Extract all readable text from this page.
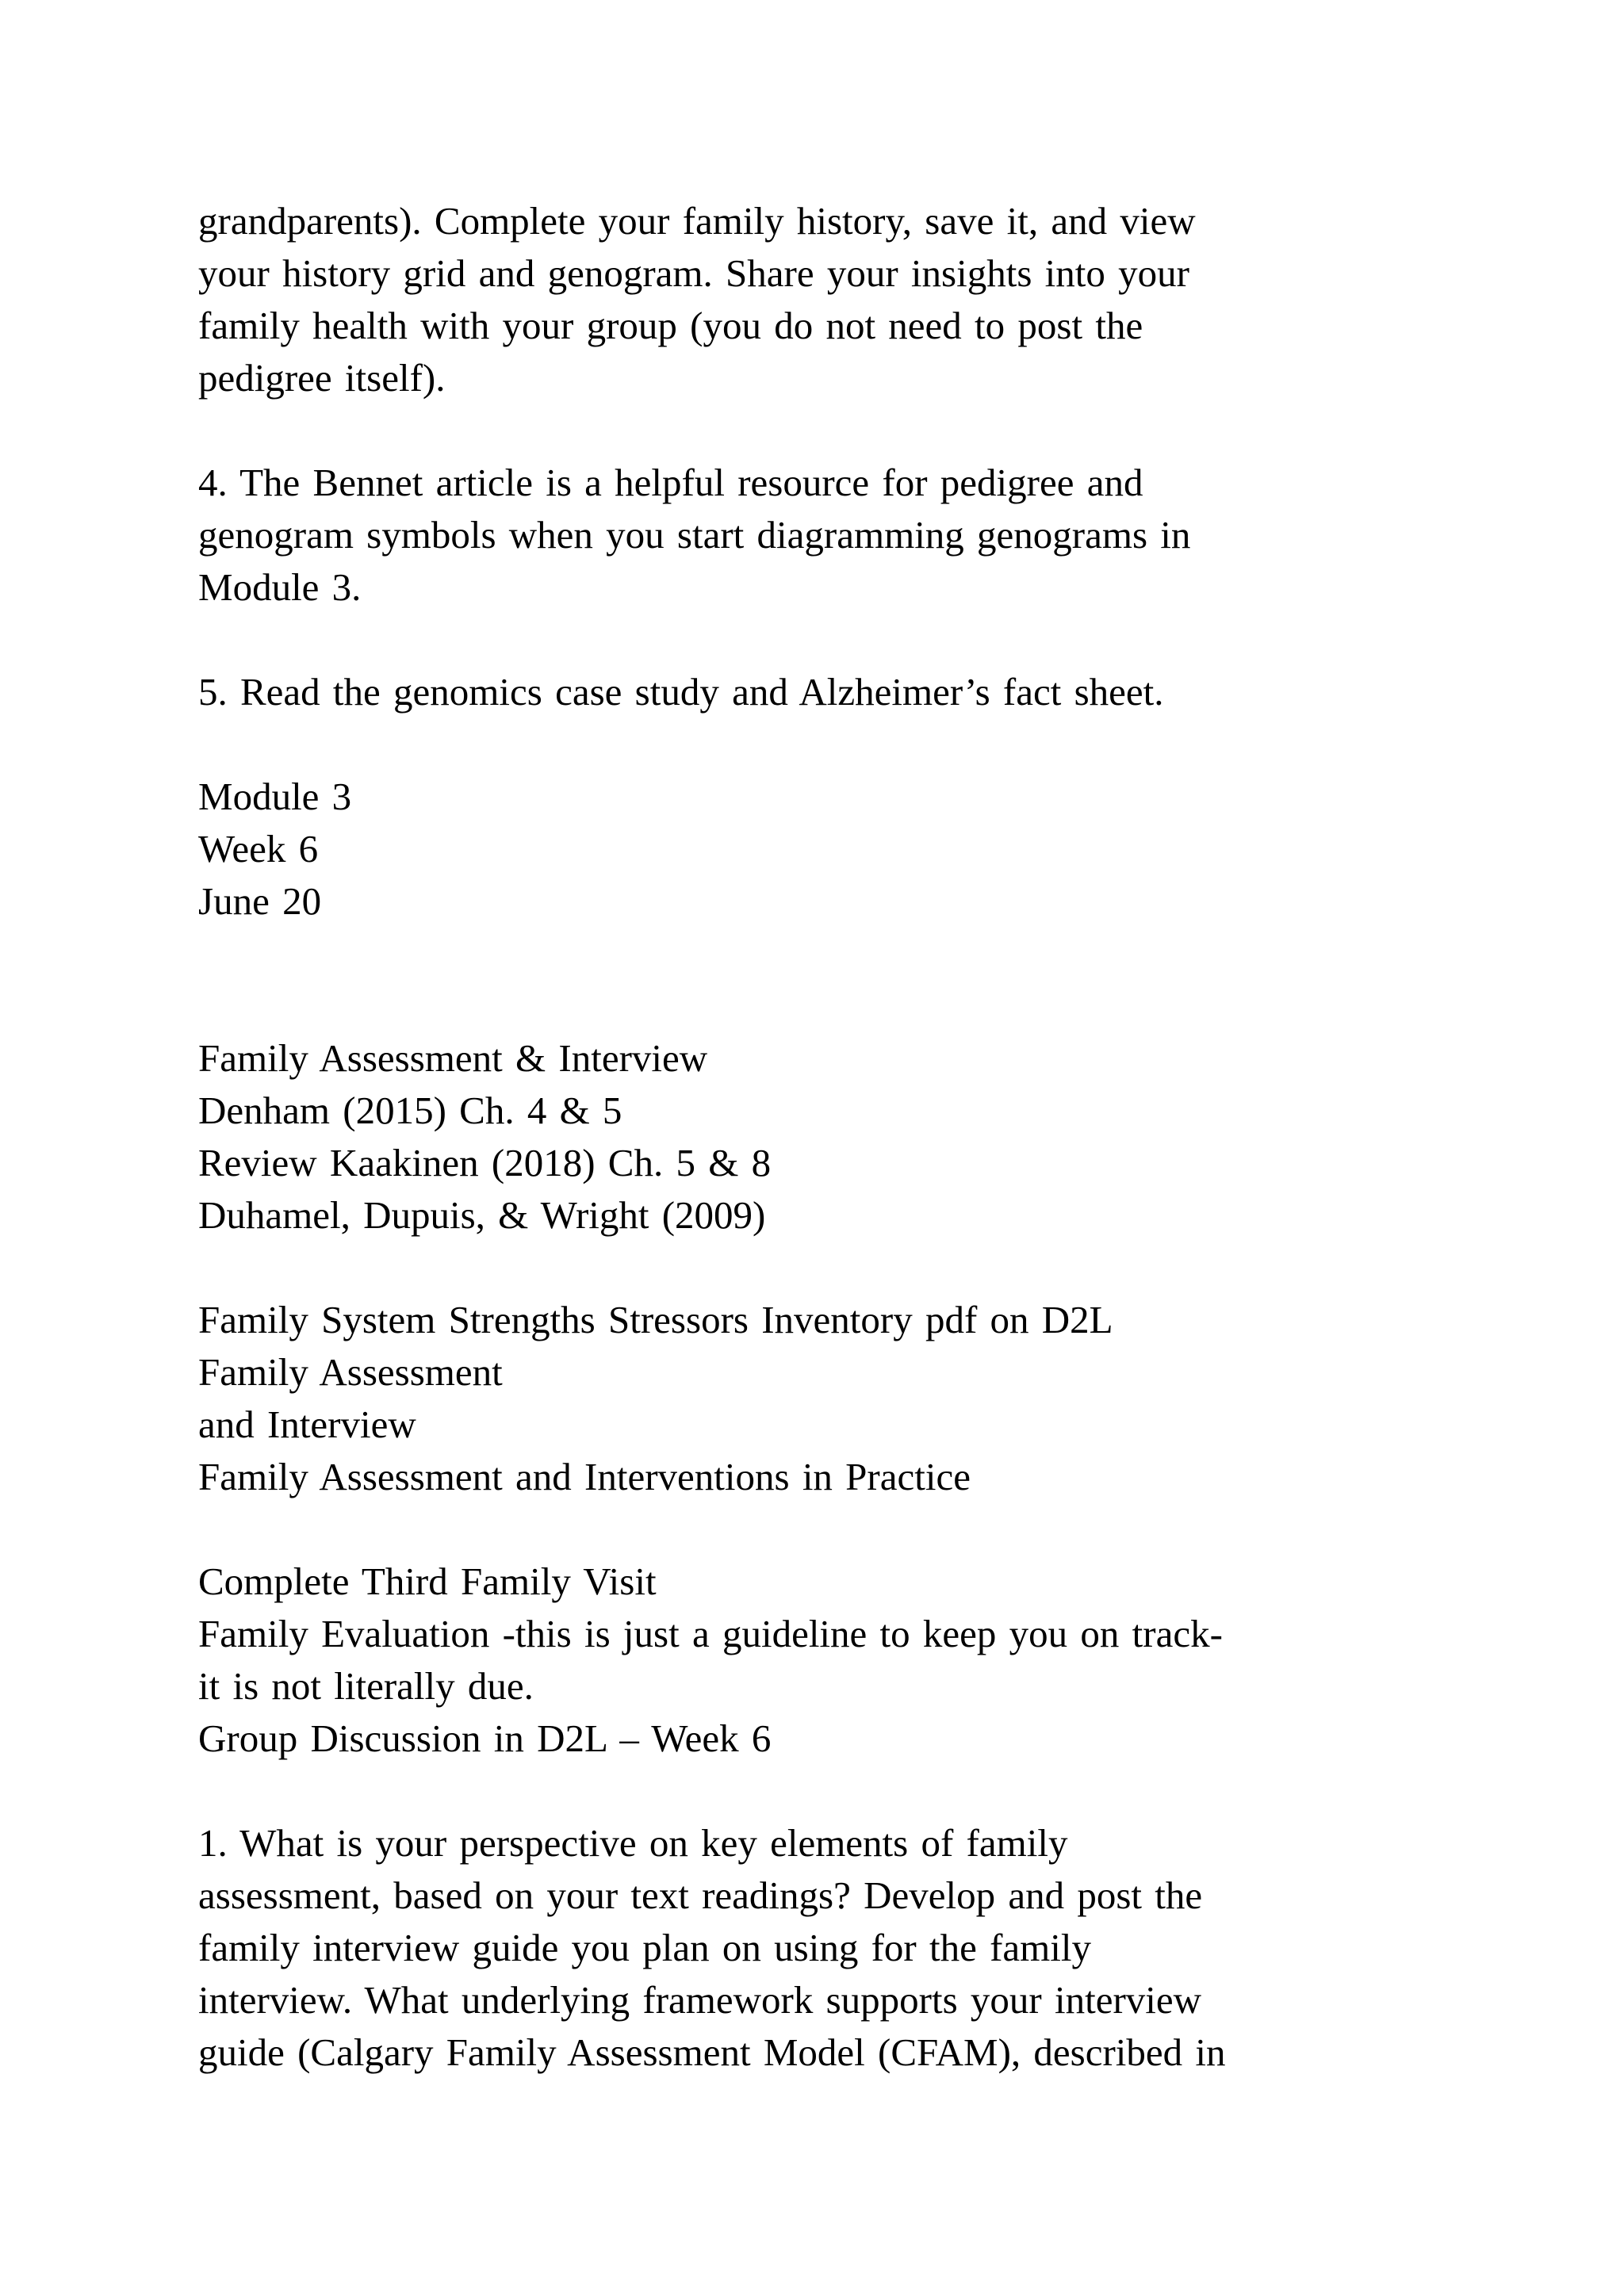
grandparents). Complete your family history, save it, and view
your history grid and genogram. Share your insights into your
family health with your group (you do not need to post the
pedigree itself).
4. The Bennet article is a helpful resource for pedigree and
genogram symbols when you start diagramming genograms in
Module 3.
5. Read the genomics case study and Alzheimer’s fact sheet.
Module 3
Week 6
June 20
Family Assessment & Interview
Denham (2015) Ch. 4 & 5
Review Kaakinen (2018) Ch. 5 & 8
Duhamel, Dupuis, & Wright (2009)
Family System Strengths Stressors Inventory pdf on D2L
Family Assessment
and Interview
Family Assessment and Interventions in Practice
Complete Third Family Visit
Family Evaluation -this is just a guideline to keep you on track-
it is not literally due.
Group Discussion in D2L – Week 6
1. What is your perspective on key elements of family
assessment, based on your text readings? Develop and post the
family interview guide you plan on using for the family
interview. What underlying framework supports your interview
guide (Calgary Family Assessment Model (CFAM), described in
